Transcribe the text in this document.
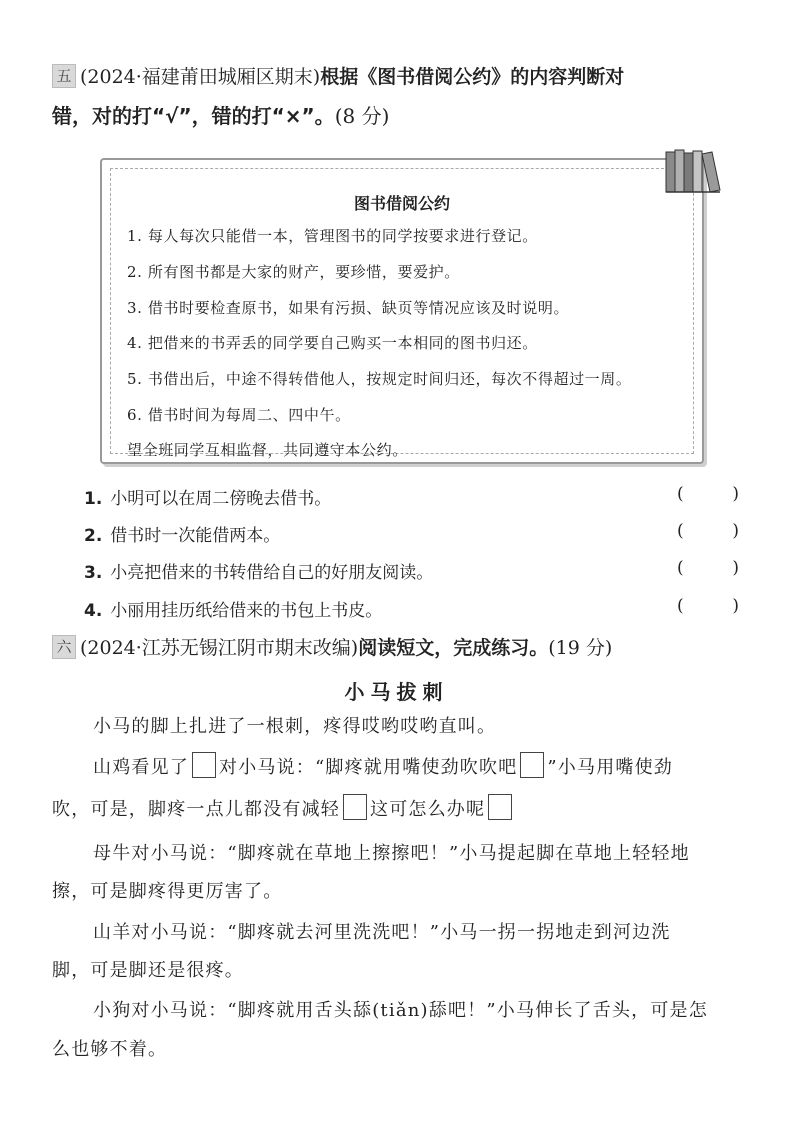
五 (2024·福建莆田城厢区期末)根据《图书借阅公约》的内容判断对
错，对的打“√”，错的打“×”。(8 分)
图书借阅公约
1. 每人每次只能借一本，管理图书的同学按要求进行登记。
2. 所有图书都是大家的财产，要珍惜，要爱护。
3. 借书时要检查原书，如果有污损、缺页等情况应该及时说明。
4. 把借来的书弄丢的同学要自己购买一本相同的图书归还。
5. 书借出后，中途不得转借他人，按规定时间归还，每次不得超过一周。
6. 借书时间为每周二、四中午。
望全班同学互相监督，共同遵守本公约。
1. 小明可以在周二傍晚去借书。	(	)
2. 借书时一次能借两本。	(	)
3. 小亮把借来的书转借给自己的好朋友阅读。	(	)
4. 小丽用挂历纸给借来的书包上书皮。	(	)
六 (2024·江苏无锡江阴市期末改编)阅读短文，完成练习。(19 分)
小马拔刺
小马的脚上扎进了一根刺，疼得哎哟哎哟直叫。
山鸡看见了 对小马说：“脚疼就用嘴使劲吹吹吧 ”小马用嘴使劲
吹，可是，脚疼一点儿都没有减轻 这可怎么办呢
母牛对小马说：“脚疼就在草地上擦擦吧！”小马提起脚在草地上轻轻地
擦，可是脚疼得更厉害了。
山羊对小马说：“脚疼就去河里洗洗吧！”小马一拐一拐地走到河边洗
脚，可是脚还是很疼。
小狗对小马说：“脚疼就用舌头舔(tiǎn)舔吧！”小马伸长了舌头，可是怎
么也够不着。
